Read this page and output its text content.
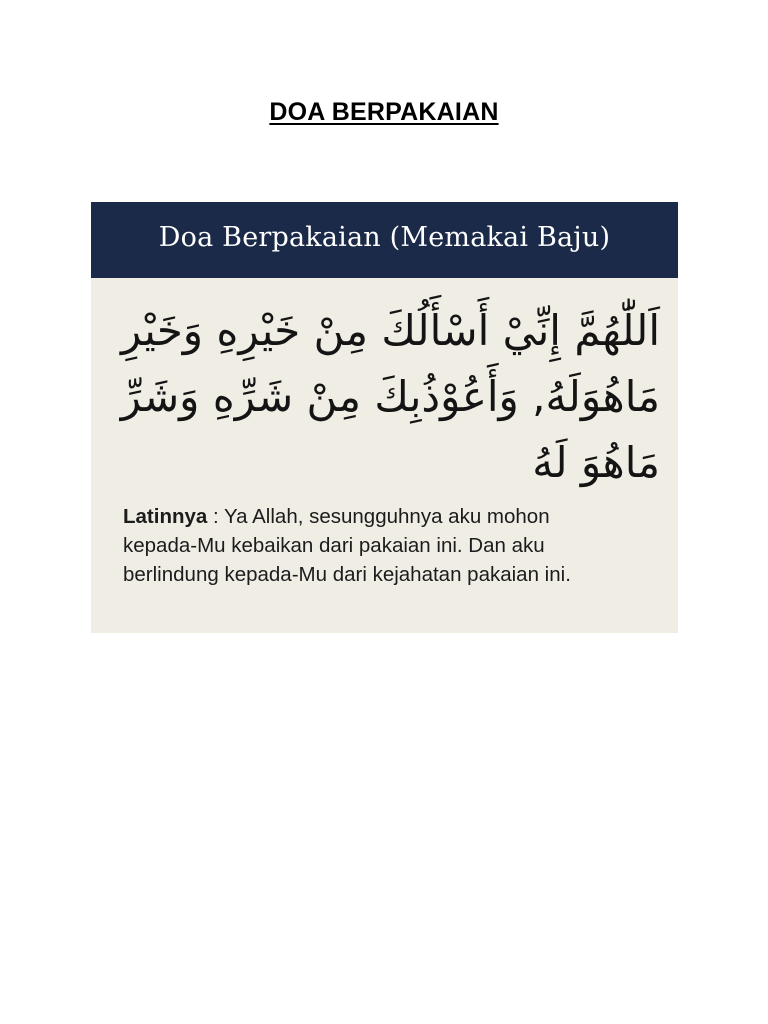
DOA BERPAKAIAN
Doa Berpakaian (Memakai Baju)
اَللّٰهُمَّ إِنِّيْ أَسْأَلُكَ مِنْ خَيْرِهِ وَخَيْرِ مَاهُوَلَهُ, وَأَعُوْذُبِكَ مِنْ شَرِّهِ وَشَرِّ مَاهُوَ لَهُ
Latinnya : Ya Allah, sesungguhnya aku mohon kepada-Mu kebaikan dari pakaian ini. Dan aku berlindung kepada-Mu dari kejahatan pakaian ini.
